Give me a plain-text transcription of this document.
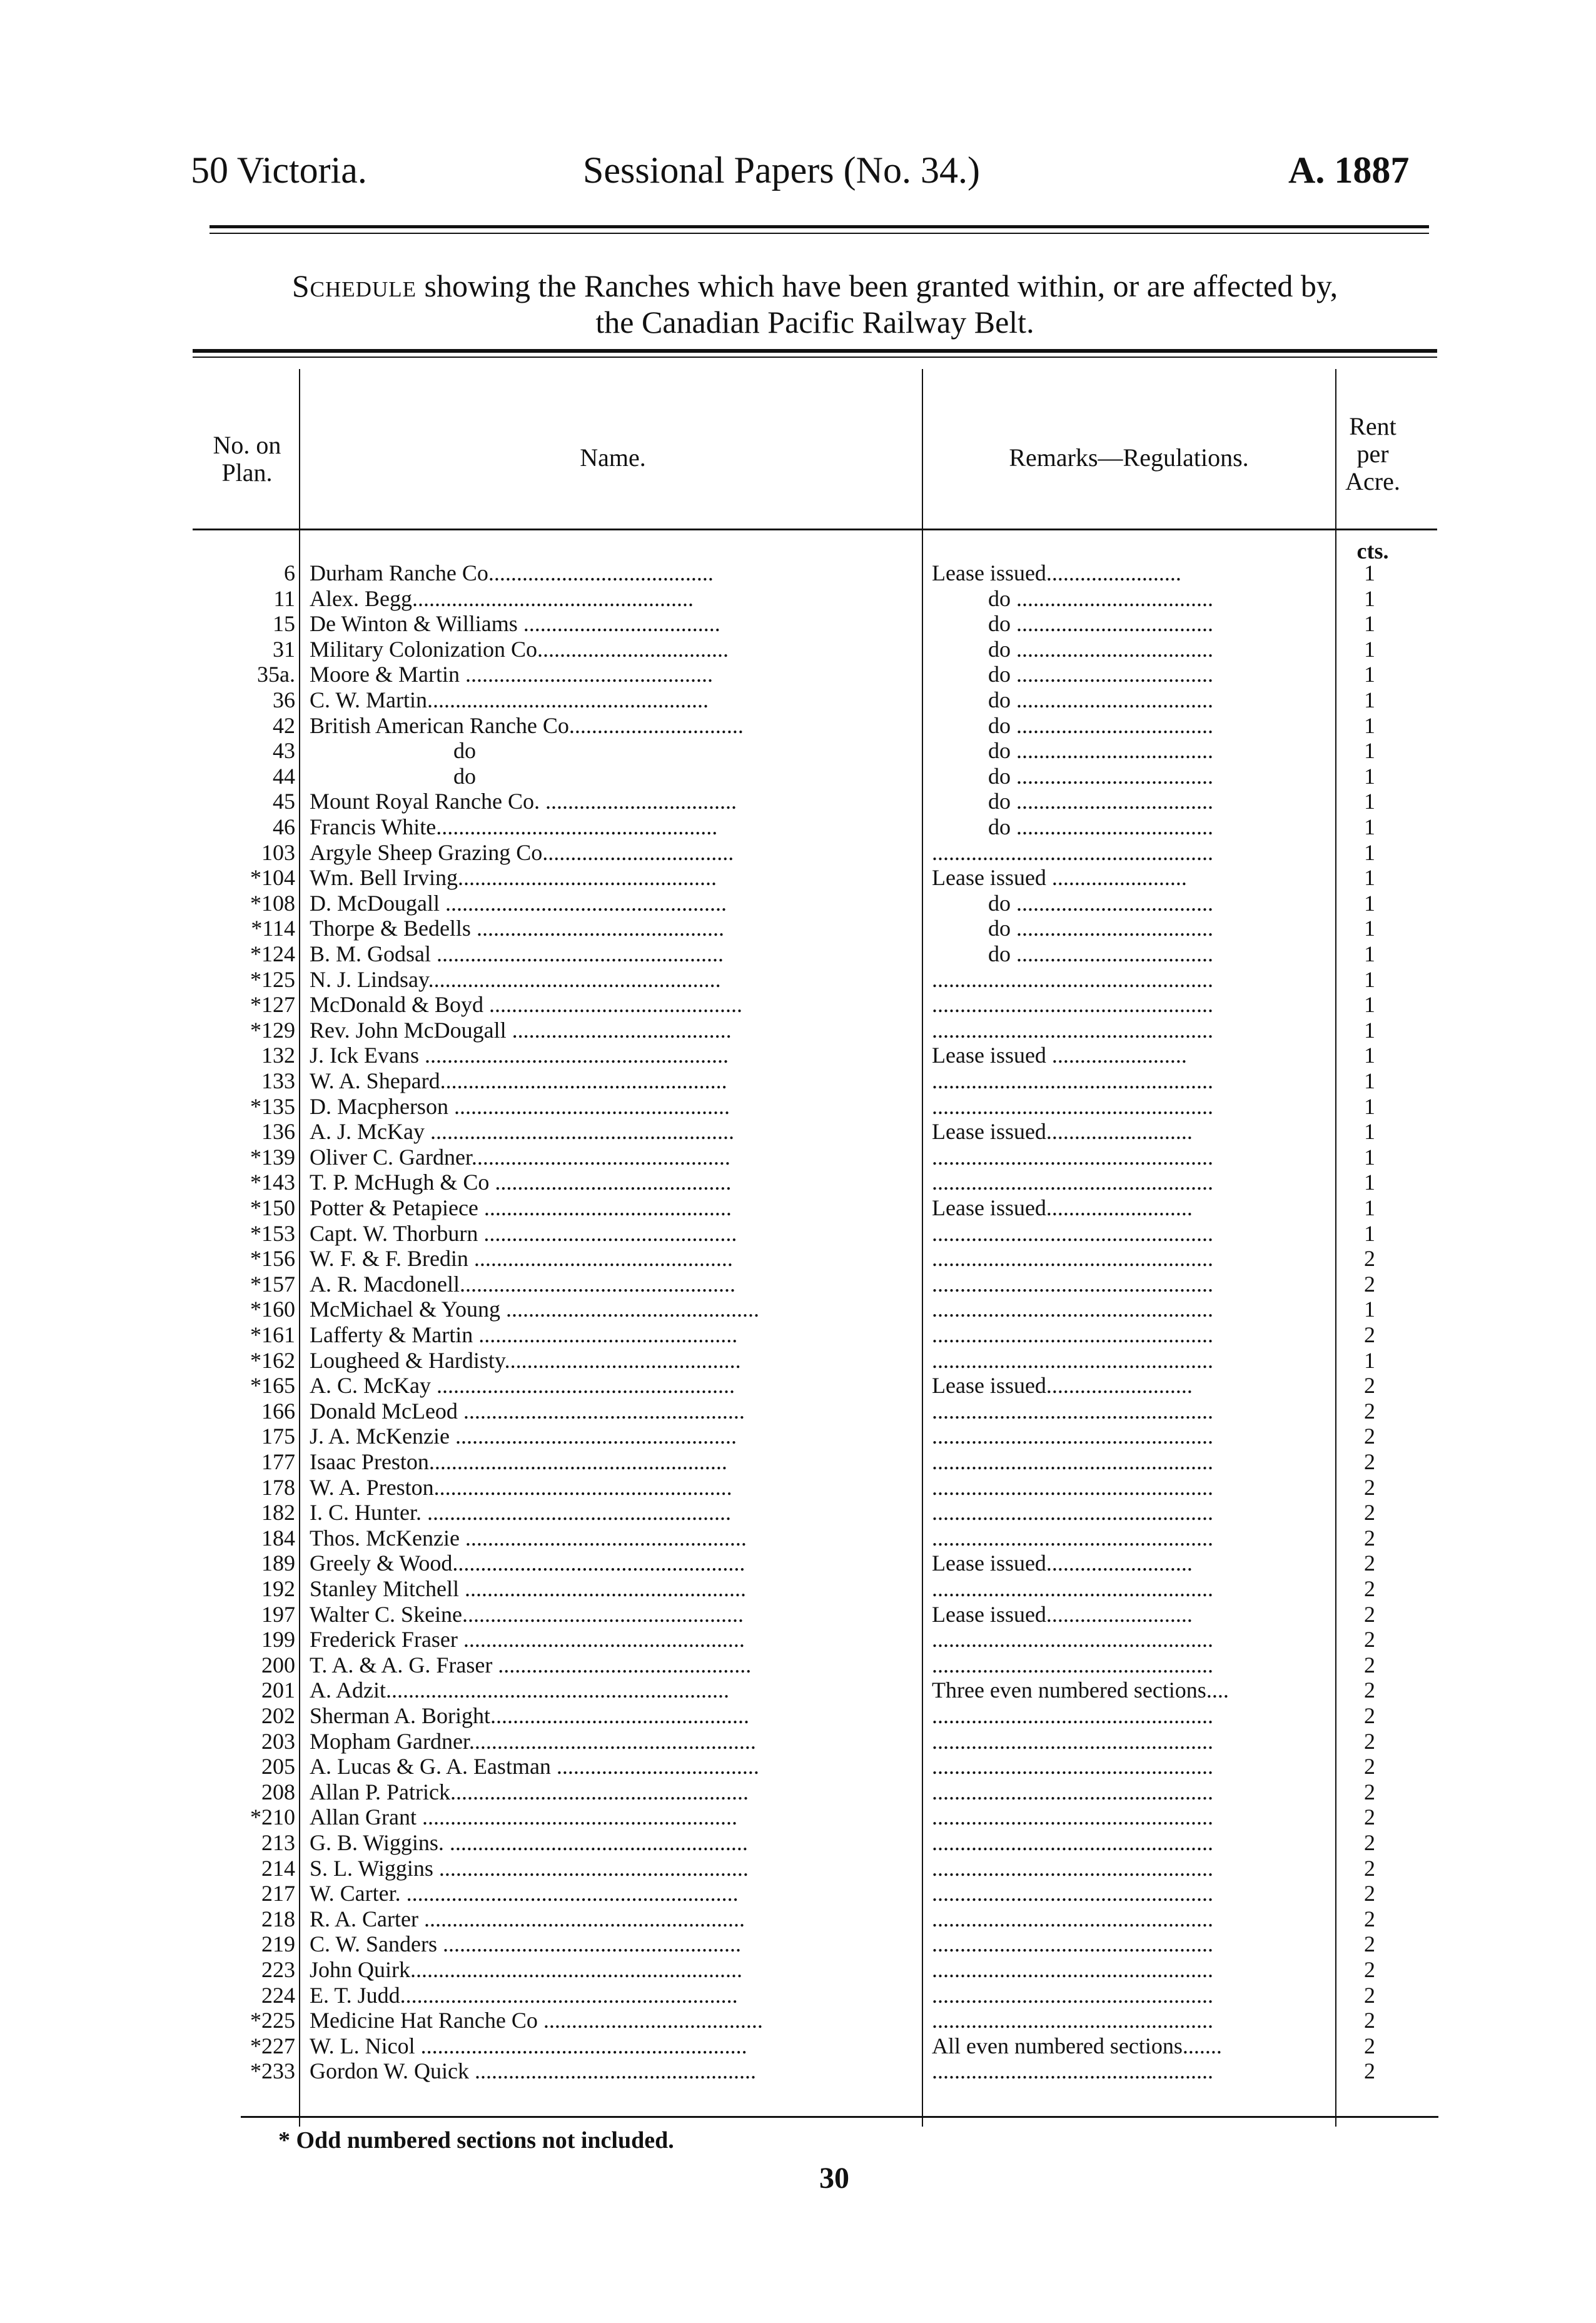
50 Victoria.	Sessional Papers (No. 34.)	A. 1887
Schedule showing the Ranches which have been granted within, or are affected by,
the Canadian Pacific Railway Belt.
No. on Plan.
Name.	Remarks—Regulations.
Rent per Acre.
cts.
6 Durham Ranche Co........................................	Lease issued........................	1
11 Alex. Begg..................................................	do ...................................	1
15 De Winton & Williams ...................................	do ...................................	1
31 Military Colonization Co..................................	do ...................................	1
35a. Moore & Martin ............................................	do ...................................	1
36 C. W. Martin..................................................	do ...................................	1
42 British American Ranche Co...............................	do ...................................	1
43	do	do ...................................	1
44	do	do ...................................	1
45 Mount Royal Ranche Co. ..................................	do ...................................	1
46 Francis White..................................................	do ...................................	1
103 Argyle Sheep Grazing Co..................................	..................................................	1
*104 Wm. Bell Irving..............................................	Lease issued ........................	1
*108 D. McDougall ..................................................	do ...................................	1
*114 Thorpe & Bedells ............................................	do ...................................	1
*124 B. M. Godsal ...................................................	do ...................................	1
*125 N. J. Lindsay....................................................	..................................................	1
*127 McDonald & Boyd .............................................	..................................................	1
*129 Rev. John McDougall .......................................	..................................................	1
132 J. Ick Evans ......................................................	Lease issued ........................	1
133 W. A. Shepard...................................................	..................................................	1
*135 D. Macpherson .................................................	..................................................	1
136 A. J. McKay ......................................................	Lease issued..........................	1
*139 Oliver C. Gardner..............................................	..................................................	1
*143 T. P. McHugh & Co ..........................................	..................................................	1
*150 Potter & Petapiece ............................................	Lease issued..........................	1
*153 Capt. W. Thorburn .............................................	..................................................	1
*156 W. F. & F. Bredin ..............................................	..................................................	2
*157 A. R. Macdonell.................................................	..................................................	2
*160 McMichael & Young .............................................	..................................................	1
*161 Lafferty & Martin ..............................................	..................................................	2
*162 Lougheed & Hardisty..........................................	..................................................	1
*165 A. C. McKay .....................................................	Lease issued..........................	2
166 Donald McLeod ..................................................	..................................................	2
175 J. A. McKenzie ..................................................	..................................................	2
177 Isaac Preston.....................................................	..................................................	2
178 W. A. Preston.....................................................	..................................................	2
182 I. C. Hunter. ......................................................	..................................................	2
184 Thos. McKenzie ..................................................	..................................................	2
189 Greely & Wood....................................................	Lease issued..........................	2
192 Stanley Mitchell ..................................................	..................................................	2
197 Walter C. Skeine..................................................	Lease issued..........................	2
199 Frederick Fraser ..................................................	..................................................	2
200 T. A. & A. G. Fraser .............................................	..................................................	2
201 A. Adzit.............................................................	Three even numbered sections....	2
202 Sherman A. Boright..............................................	..................................................	2
203 Mopham Gardner...................................................	..................................................	2
205 A. Lucas & G. A. Eastman ....................................	..................................................	2
208 Allan P. Patrick.....................................................	..................................................	2
*210 Allan Grant ........................................................	..................................................	2
213 G. B. Wiggins. .....................................................	..................................................	2
214 S. L. Wiggins .......................................................	..................................................	2
217 W. Carter. ...........................................................	..................................................	2
218 R. A. Carter .........................................................	..................................................	2
219 C. W. Sanders .....................................................	..................................................	2
223 John Quirk...........................................................	..................................................	2
224 E. T. Judd............................................................	..................................................	2
*225 Medicine Hat Ranche Co .......................................	..................................................	2
*227 W. L. Nicol ..........................................................	All even numbered sections.......	2
*233 Gordon W. Quick ..................................................	..................................................	2
* Odd numbered sections not included.
30
